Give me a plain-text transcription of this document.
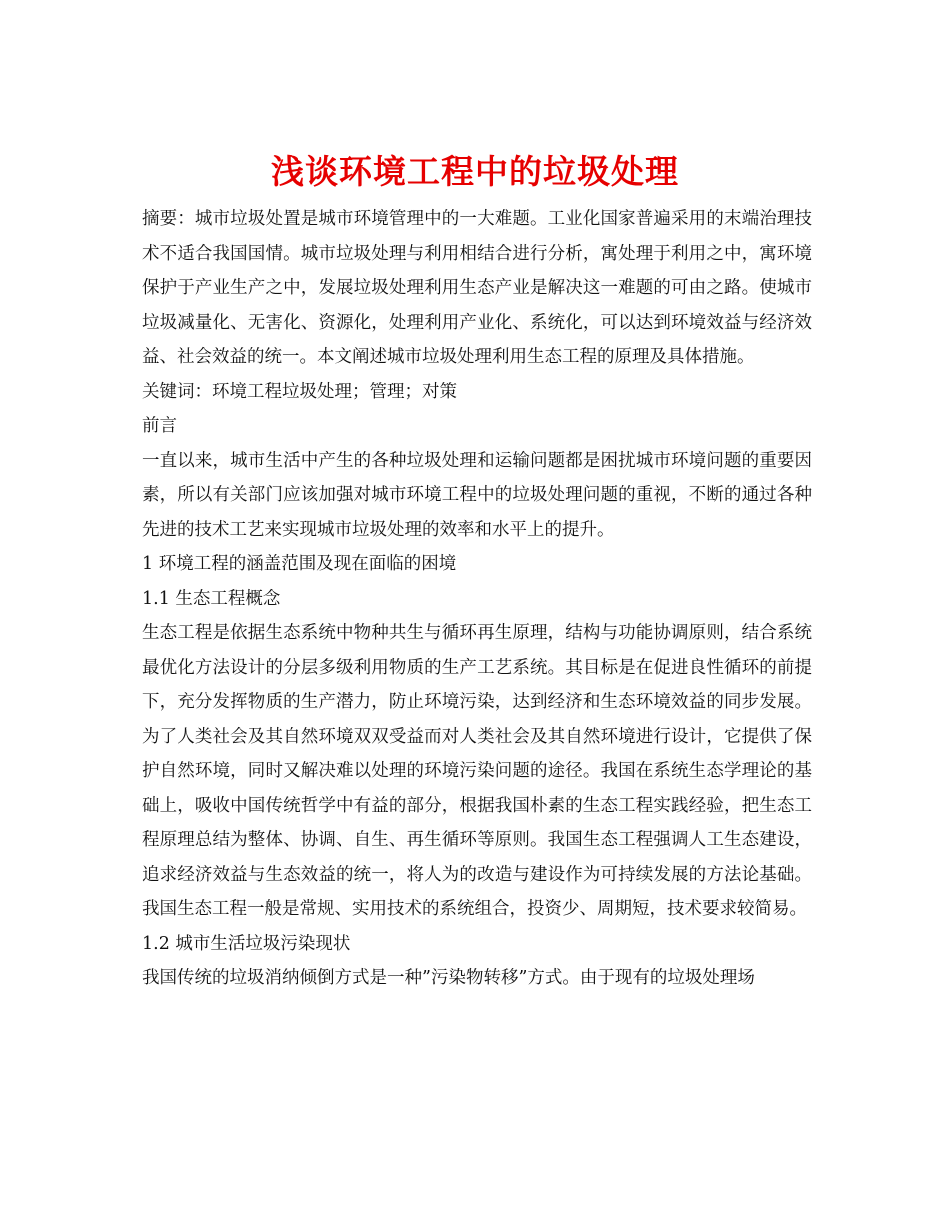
浅谈环境工程中的垃圾处理

摘要：城市垃圾处置是城市环境管理中的一大难题。工业化国家普遍采用的末端治理技术不适合我国国情。城市垃圾处理与利用相结合进行分析，寓处理于利用之中，寓环境保护于产业生产之中，发展垃圾处理利用生态产业是解决这一难题的可由之路。使城市垃圾减量化、无害化、资源化，处理利用产业化、系统化，可以达到环境效益与经济效益、社会效益的统一。本文阐述城市垃圾处理利用生态工程的原理及具体措施。

关键词：环境工程垃圾处理；管理；对策

前言

一直以来，城市生活中产生的各种垃圾处理和运输问题都是困扰城市环境问题的重要因素，所以有关部门应该加强对城市环境工程中的垃圾处理问题的重视，不断的通过各种先进的技术工艺来实现城市垃圾处理的效率和水平上的提升。

1 环境工程的涵盖范围及现在面临的困境

1.1 生态工程概念

生态工程是依据生态系统中物种共生与循环再生原理，结构与功能协调原则，结合系统最优化方法设计的分层多级利用物质的生产工艺系统。其目标是在促进良性循环的前提下，充分发挥物质的生产潜力，防止环境污染，达到经济和生态环境效益的同步发展。为了人类社会及其自然环境双双受益而对人类社会及其自然环境进行设计，它提供了保护自然环境，同时又解决难以处理的环境污染问题的途径。我国在系统生态学理论的基础上，吸收中国传统哲学中有益的部分，根据我国朴素的生态工程实践经验，把生态工程原理总结为整体、协调、自生、再生循环等原则。我国生态工程强调人工生态建设，追求经济效益与生态效益的统一，将人为的改造与建设作为可持续发展的方法论基础。我国生态工程一般是常规、实用技术的系统组合，投资少、周期短，技术要求较简易。

1.2 城市生活垃圾污染现状

我国传统的垃圾消纳倾倒方式是一种”污染物转移”方式。由于现有的垃圾处理场
